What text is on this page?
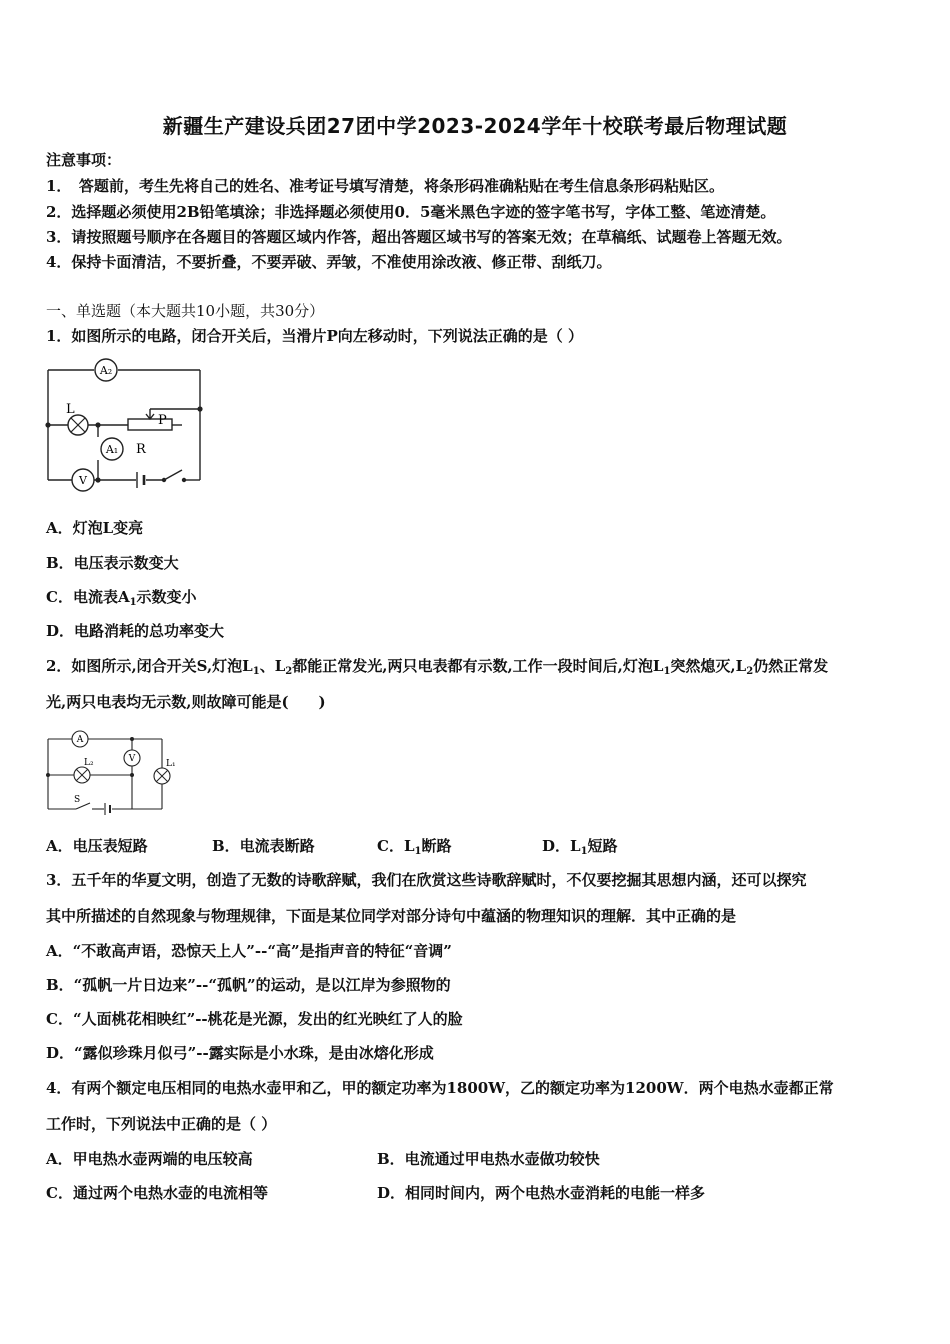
新疆生产建设兵团27团中学2023-2024学年十校联考最后物理试题
注意事项：
1．　答题前，考生先将自己的姓名、准考证号填写清楚，将条形码准确粘贴在考生信息条形码粘贴区。
2．选择题必须使用2B铅笔填涂；非选择题必须使用0．5毫米黑色字迹的签字笔书写，字体工整、笔迹清楚。
3．请按照题号顺序在各题目的答题区域内作答，超出答题区域书写的答案无效；在草稿纸、试题卷上答题无效。
4．保持卡面清洁，不要折叠，不要弄破、弄皱，不准使用涂改液、修正带、刮纸刀。
一、单选题（本大题共10小题，共30分）
1．如图所示的电路，闭合开关后，当滑片P向左移动时，下列说法正确的是（ ）
A₂
A₁
V
L
P
R
A．灯泡L变亮
B．电压表示数变大
C．电流表$A_1$示数变小
D．电路消耗的总功率变大
2．如图所示,闭合开关S,灯泡$L_1$、$L_2$都能正常发光,两只电表都有示数,工作一段时间后,灯泡$L_1$突然熄灭$,L_2$仍然正常发
光,两只电表均无示数,则故障可能是(　　)
A
V
L₂	L₁
S
A．电压表短路	B．电流表断路	C．$L_1$断路	D．$L_1$短路
3．五千年的华夏文明，创造了无数的诗歌辞赋，我们在欣赏这些诗歌辞赋时，不仅要挖掘其思想内涵，还可以探究
其中所描述的自然现象与物理规律，下面是某位同学对部分诗句中蕴涵的物理知识的理解．其中正确的是
A．“不敢高声语，恐惊天上人”--“高”是指声音的特征“音调”
B．“孤帆一片日边来”--“孤帆”的运动，是以江岸为参照物的
C．“人面桃花相映红”--桃花是光源，发出的红光映红了人的脸
D．“露似珍珠月似弓”--露实际是小水珠，是由冰熔化形成
4．有两个额定电压相同的电热水壶甲和乙，甲的额定功率为1800W，乙的额定功率为1200W．两个电热水壶都正常
工作时，下列说法中正确的是（ ）
A．甲电热水壶两端的电压较高	B．电流通过甲电热水壶做功较快
C．通过两个电热水壶的电流相等	D．相同时间内，两个电热水壶消耗的电能一样多
